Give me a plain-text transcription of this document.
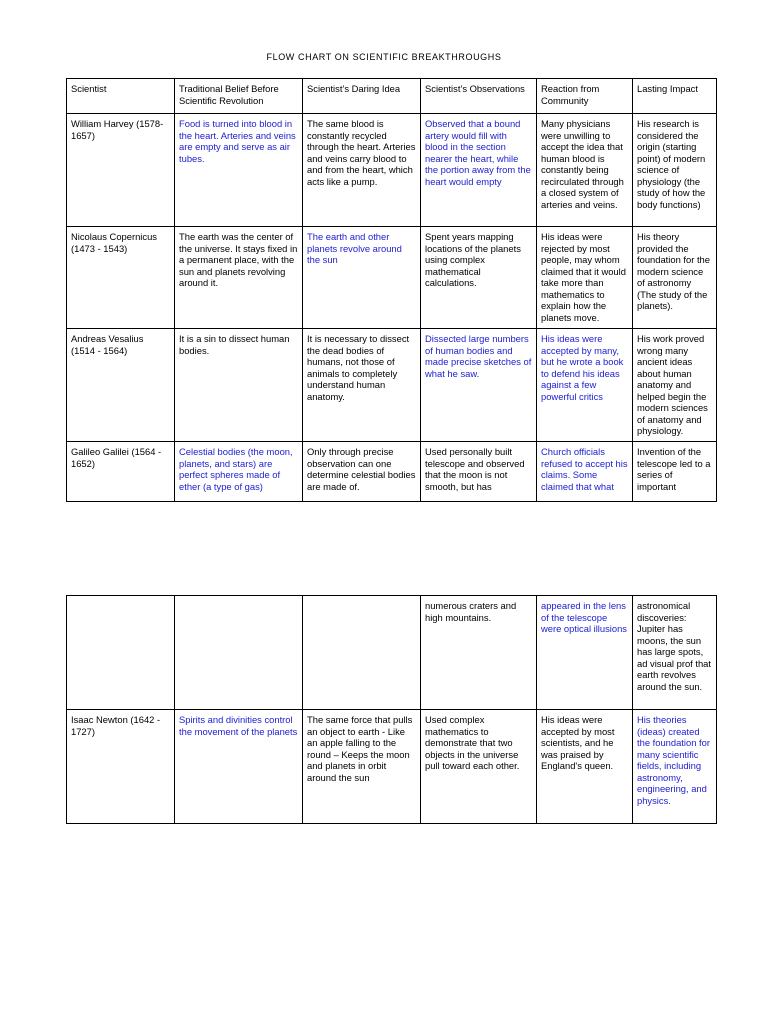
FLOW CHART ON SCIENTIFIC BREAKTHROUGHS
Scientist	Traditional Belief Before Scientific Revolution	Scientist’s Daring Idea	Scientist’s Observations	Reaction from Community	Lasting Impact
William Harvey (1578-1657)	Food is turned into blood in the heart. Arteries and veins are empty and serve as air tubes.	The same blood is constantly recycled through the heart. Arteries and veins carry blood to and from the heart, which acts like a pump.	Observed that a bound artery would fill with blood in the section nearer the heart, while the portion away from the heart would empty	Many physicians were unwilling to accept the idea that human blood is constantly being recirculated through a closed system of arteries and veins.	His research is considered the origin (starting point) of modern science of physiology (the study of how the body functions)
Nicolaus Copernicus (1473 - 1543)	The earth was the center of the universe. It stays fixed in a permanent place, with the sun and planets revolving around it.	The earth and other planets revolve around the sun	Spent years mapping locations of the planets using complex mathematical calculations.	His ideas were rejected by most people, may whom claimed that it would take more than mathematics to explain how the planets move.	His theory provided the foundation for the modern science of astronomy (The study of the planets).
Andreas Vesalius (1514 - 1564)	It is a sin to dissect human bodies.	It is necessary to dissect the dead bodies of humans, not those of animals to completely understand human anatomy.	Dissected large numbers of human bodies and made precise sketches of what he saw.	His ideas were accepted by many, but he wrote a book to defend his ideas against a few powerful critics	His work proved wrong many ancient ideas about human anatomy and helped begin the modern sciences of anatomy and physiology.
Galileo Galilei (1564 - 1652)	Celestial bodies (the moon, planets, and stars) are perfect spheres made of ether (a type of gas)	Only through precise observation can one determine celestial bodies are made of.	Used personally built telescope and observed that the moon is not smooth, but has	Church officials refused to accept his claims. Some claimed that what	Invention of the telescope led to a series of important
			numerous craters and high mountains.	appeared in the lens of the telescope were optical illusions	astronomical discoveries: Jupiter has moons, the sun has large spots, ad visual prof that earth revolves around the sun.
Isaac Newton (1642 - 1727)	Spirits and divinities control the movement of the planets	The same force that pulls an object to earth - Like an apple falling to the round – Keeps the moon and planets in orbit around the sun	Used complex mathematics to demonstrate that two objects in the universe pull toward each other.	His ideas were accepted by most scientists, and he was praised by England's queen.	His theories (ideas) created the foundation for many scientific fields, including astronomy, engineering, and physics.
